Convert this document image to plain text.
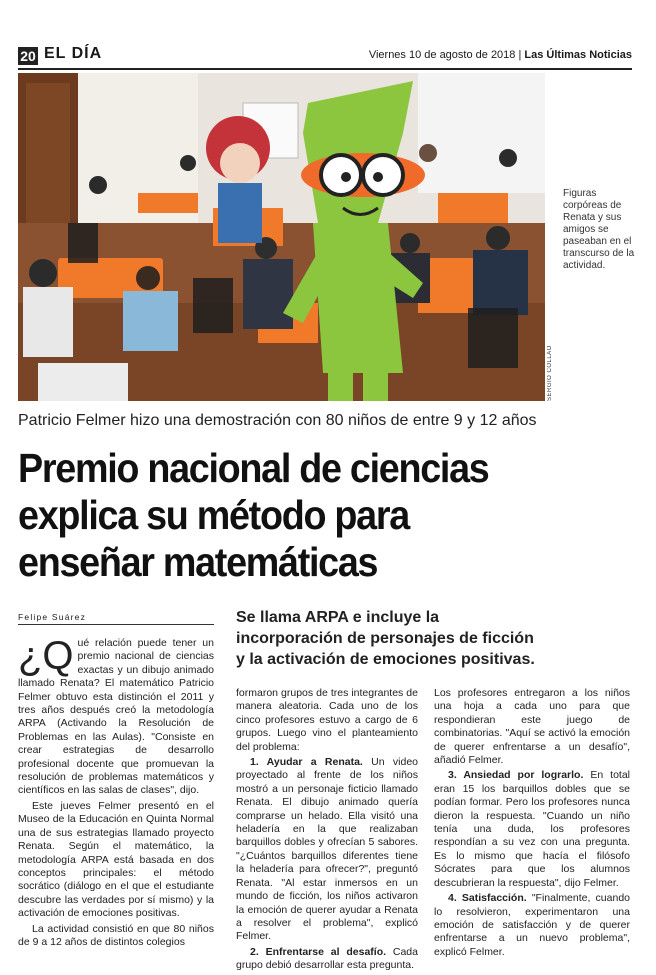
20 EL DÍA	Viernes 10 de agosto de 2018 | Las Últimas Noticias
SERGIO COLLAO
Figuras corpóreas de Renata y sus amigos se paseaban en el transcurso de la actividad.
Patricio Felmer hizo una demostración con 80 niños de entre 9 y 12 años
Premio nacional de ciencias
explica su método para
enseñar matemáticas
Felipe Suárez	Se llama ARPA e incluye la
incorporación de personajes de ficción
y la activación de emociones positivas.

¿Q ué relación puede tener un premio nacional de ciencias exactas y un dibujo animado llamado Renata? El matemático Patricio Felmer obtuvo esta distinción el 2011 y tres años después creó la metodología ARPA (Activando la Resolución de Problemas en las Aulas). "Consiste en crear estrategias de desarrollo profesional docente que promuevan la resolución de problemas matemáticos y científicos en las salas de clases", dijo.

Este jueves Felmer presentó en el Museo de la Educación en Quinta Normal una de sus estrategias llamado proyecto Renata. Según el matemático, la metodología ARPA está basada en dos conceptos principales: el método socrático (diálogo en el que el estudiante descubre las verdades por sí mismo) y la activación de emociones positivas.

La actividad consistió en que 80 niños de 9 a 12 años de distintos colegios

formaron grupos de tres integrantes de manera aleatoria. Cada uno de los cinco profesores estuvo a cargo de 6 grupos. Luego vino el planteamiento del problema:

1. Ayudar a Renata. Un video proyectado al frente de los niños mostró a un personaje ficticio llamado Renata. El dibujo animado quería comprarse un helado. Ella visitó una heladería en la que realizaban barquillos dobles y ofrecían 5 sabores. "¿Cuántos barquillos diferentes tiene la heladería para ofrecer?", preguntó Renata. "Al estar inmersos en un mundo de ficción, los niños activaron la emoción de querer ayudar a Renata a resolver el problema", explicó Felmer.

2. Enfrentarse al desafío. Cada grupo debió desarrollar esta pregunta.

Los profesores entregaron a los niños una hoja a cada uno para que respondieran este juego de combinatorias. "Aquí se activó la emoción de querer enfrentarse a un desafío", añadió Felmer.

3. Ansiedad por lograrlo. En total eran 15 los barquillos dobles que se podían formar. Pero los profesores nunca dieron la respuesta. "Cuando un niño tenía una duda, los profesores respondían a su vez con una pregunta. Es lo mismo que hacía el filósofo Sócrates para que los alumnos descubrieran la respuesta", dijo Felmer.

4. Satisfacción. "Finalmente, cuando lo resolvieron, experimentaron una emoción de satisfacción y de querer enfrentarse a un nuevo problema", explicó Felmer.
